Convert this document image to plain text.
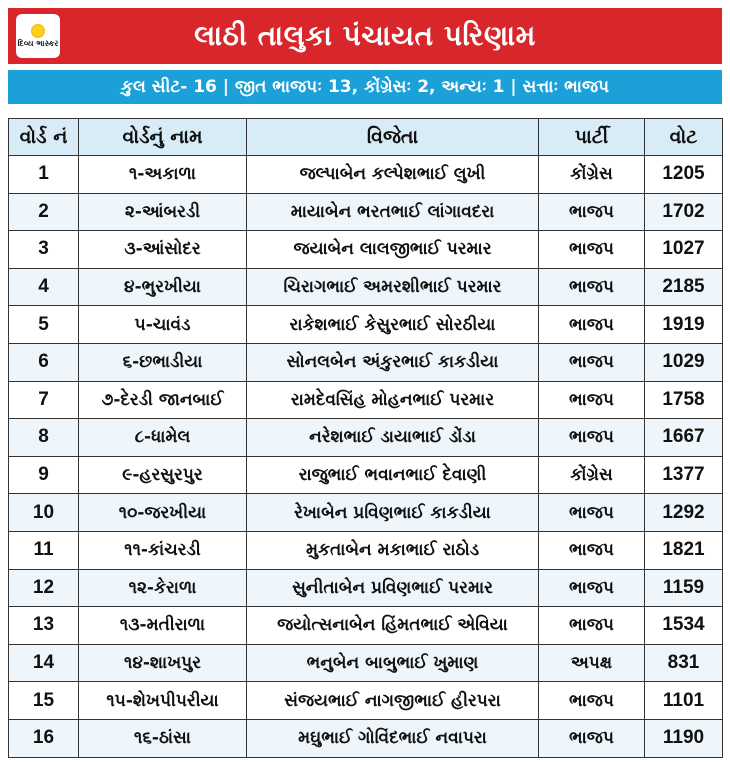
દિવ્ય ભાસ્કર	લાઠી તાલુકા પંચાયત પરિણામ
કુલ સીટ- 16 | જીત ભાજપઃ 13, કોંગ્રેસઃ 2, અન્યઃ 1 | સત્તાઃ ભાજપ
વોર્ડ નં	વોર્ડનું નામ	વિજેતા	પાર્ટી	વોટ
1	૧-અકાળા	જલ્પાબેન કલ્પેશભાઈ લુખી	કોંગ્રેસ	1205
2	૨-આંબરડી	માયાબેન ભરતભાઈ લાંગાવદરા	ભાજપ	1702
3	૩-આંસોદર	જયાબેન લાલજીભાઈ પરમાર	ભાજપ	1027
4	૪-ભુરખીયા	ચિરાગભાઈ અમરશીભાઈ પરમાર	ભાજપ	2185
5	૫-ચાવંડ	રાકેશભાઈ કેસુરભાઈ સોરઠીયા	ભાજપ	1919
6	૬-છભાડીયા	સોનલબેન અંકુરભાઈ કાકડીયા	ભાજપ	1029
7	૭-દેરડી જાનબાઈ	રામદેવસિંહ મોહનભાઈ પરમાર	ભાજપ	1758
8	૮-ધામેલ	નરેશભાઈ ડાયાભાઈ ડોંડા	ભાજપ	1667
9	૯-હરસુરપુર	રાજુભાઈ ભવાનભાઈ દેવાણી	કોંગ્રેસ	1377
10	૧૦-જરખીયા	રેખાબેન પ્રવિણભાઈ કાકડીયા	ભાજપ	1292
11	૧૧-કાંચરડી	મુકતાબેન મકાભાઈ રાઠોડ	ભાજપ	1821
12	૧૨-કેરાળા	સુનીતાબેન પ્રવિણભાઈ પરમાર	ભાજપ	1159
13	૧૩-મતીરાળા	જયોત્સનાબેન હિંમતભાઈ એવિયા	ભાજપ	1534
14	૧૪-શાખપુર	ભનુબેન બાબુભાઈ ખુમાણ	અપક્ષ	831
15	૧૫-શેખપીપરીયા	સંજયભાઈ નાગજીભાઈ હીરપરા	ભાજપ	1101
16	૧૬-ઠાંસા	મઘુભાઈ ગોવિંદભાઈ નવાપરા	ભાજપ	1190
